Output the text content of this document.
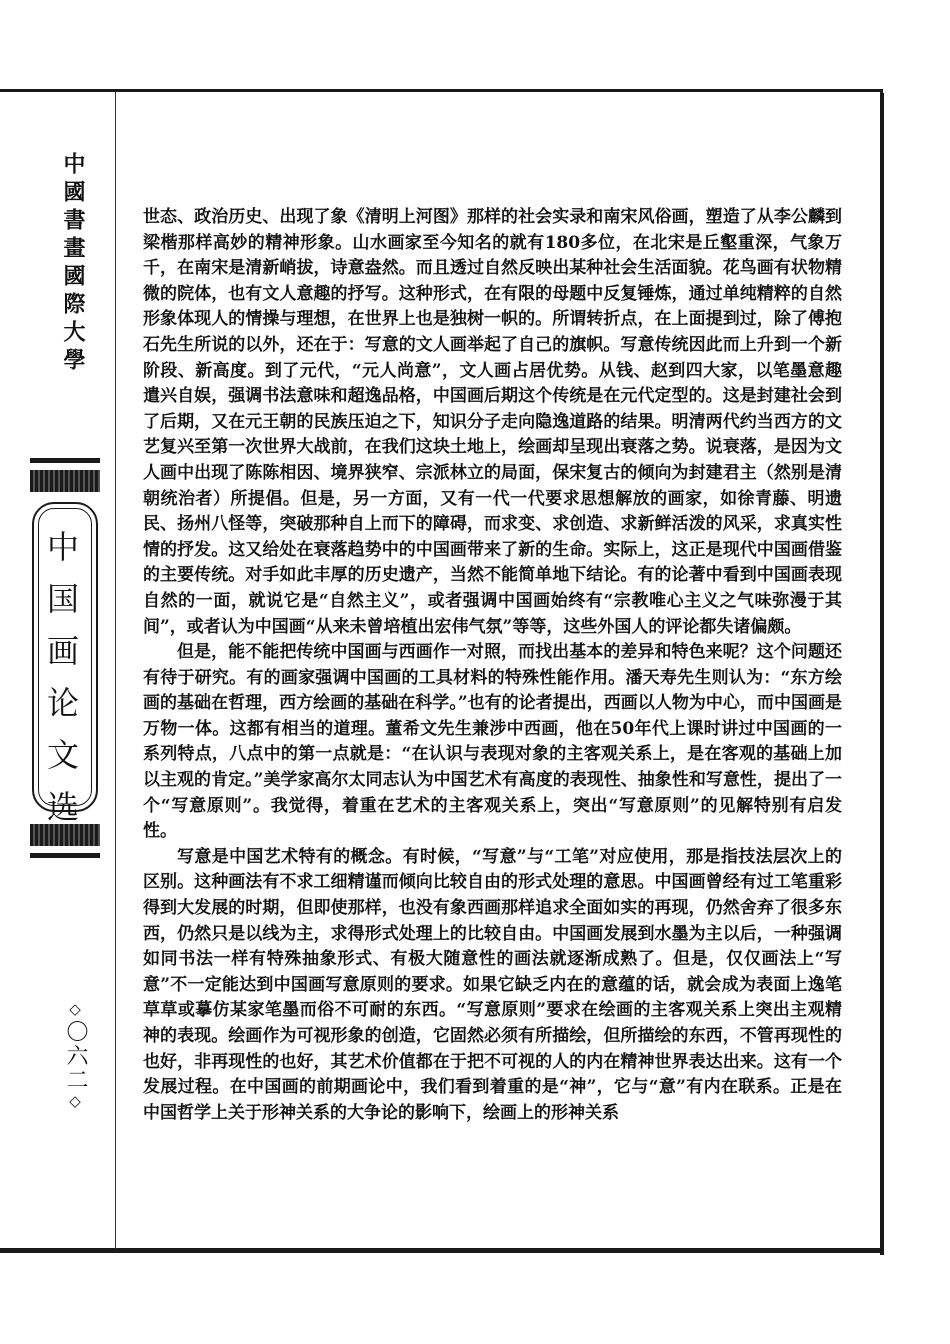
中國書畫國際大學
中国画论文选
◇〇六二◇

世态、政治历史、出现了象《清明上河图》那样的社会实录和南宋风俗画，塑造了从李公麟到梁楷那样高妙的精神形象。山水画家至今知名的就有180多位，在北宋是丘壑重深，气象万千，在南宋是清新峭拔，诗意盎然。而且透过自然反映出某种社会生活面貌。花鸟画有状物精微的院体，也有文人意趣的抒写。这种形式，在有限的母题中反复锤炼，通过单纯精粹的自然形象体现人的情操与理想，在世界上也是独树一帜的。所谓转折点，在上面提到过，除了傅抱石先生所说的以外，还在于：写意的文人画举起了自己的旗帜。写意传统因此而上升到一个新阶段、新高度。到了元代，“元人尚意”，文人画占居优势。从钱、赵到四大家，以笔墨意趣遣兴自娱，强调书法意味和超逸品格，中国画后期这个传统是在元代定型的。这是封建社会到了后期，又在元王朝的民族压迫之下，知识分子走向隐逸道路的结果。明清两代约当西方的文艺复兴至第一次世界大战前，在我们这块土地上，绘画却呈现出衰落之势。说衰落，是因为文人画中出现了陈陈相因、境界狭窄、宗派林立的局面，保宋复古的倾向为封建君主（然别是清朝统治者）所提倡。但是，另一方面，又有一代一代要求思想解放的画家，如徐青藤、明遗民、扬州八怪等，突破那种自上而下的障碍，而求变、求创造、求新鲜活泼的风采，求真实性情的抒发。这又给处在衰落趋势中的中国画带来了新的生命。实际上，这正是现代中国画借鉴的主要传统。对手如此丰厚的历史遗产，当然不能简单地下结论。有的论著中看到中国画表现自然的一面，就说它是“自然主义”，或者强调中国画始终有“宗教唯心主义之气味弥漫于其间”，或者认为中国画“从来未曾培植出宏伟气氛”等等，这些外国人的评论都失诸偏颇。

但是，能不能把传统中国画与西画作一对照，而找出基本的差异和特色来呢？这个问题还有待于研究。有的画家强调中国画的工具材料的特殊性能作用。潘天寿先生则认为：“东方绘画的基础在哲理，西方绘画的基础在科学。”也有的论者提出，西画以人物为中心，而中国画是万物一体。这都有相当的道理。董希文先生兼涉中西画，他在50年代上课时讲过中国画的一系列特点，八点中的第一点就是：“在认识与表现对象的主客观关系上，是在客观的基础上加以主观的肯定。”美学家高尔太同志认为中国艺术有高度的表现性、抽象性和写意性，提出了一个“写意原则”。我觉得，着重在艺术的主客观关系上，突出“写意原则”的见解特别有启发性。

写意是中国艺术特有的概念。有时候，“写意”与“工笔”对应使用，那是指技法层次上的区别。这种画法有不求工细精谨而倾向比较自由的形式处理的意思。中国画曾经有过工笔重彩得到大发展的时期，但即使那样，也没有象西画那样追求全面如实的再现，仍然舍弃了很多东西，仍然只是以线为主，求得形式处理上的比较自由。中国画发展到水墨为主以后，一种强调如同书法一样有特殊抽象形式、有极大随意性的画法就逐渐成熟了。但是，仅仅画法上“写意”不一定能达到中国画写意原则的要求。如果它缺乏内在的意蕴的话，就会成为表面上逸笔草草或摹仿某家笔墨而俗不可耐的东西。“写意原则”要求在绘画的主客观关系上突出主观精神的表现。绘画作为可视形象的创造，它固然必须有所描绘，但所描绘的东西，不管再现性的也好，非再现性的也好，其艺术价值都在于把不可视的人的内在精神世界表达出来。这有一个发展过程。在中国画的前期画论中，我们看到着重的是“神”，它与“意”有内在联系。正是在中国哲学上关于形神关系的大争论的影响下，绘画上的形神关系
